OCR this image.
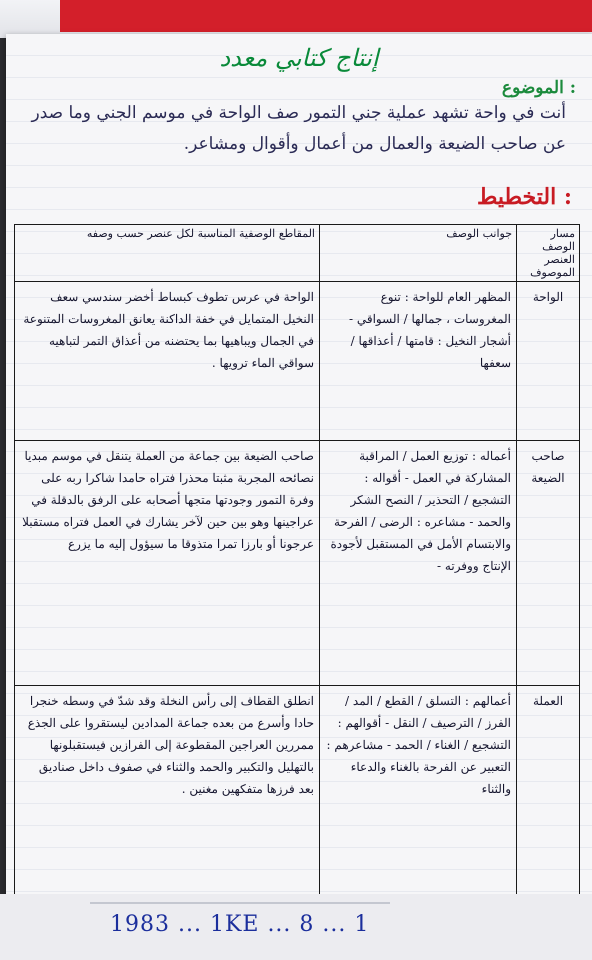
إنتاج كتابي معدد
الموضوع :
أنت في واحة تشهد عملية جني التمور صف الواحة في موسم الجني وما صدر عن صاحب الضيعة والعمال من أعمال وأقوال ومشاعر.
التخطيط :
مسار الوصف العنصر الموصوف	جوانب الوصف	المقاطع الوصفية المناسبة لكل عنصر حسب وصفه
الواحة	المظهر العام للواحة : تنوع المغروسات ، جمالها / السواقي - أشجار النخيل : قامتها / أعذاقها / سعفها	الواحة في عرس تطوف كبساط أخضر سندسي سعف النخيل المتمايل في خفة الداكنة يعانق المغروسات المتنوعة في الجمال ويباهيها بما يحتضنه من أعذاق التمر لتباهيه سواقي الماء ترويها .
صاحب الضيعة	أعماله : توزيع العمل / المراقبة المشاركة في العمل - أقواله : التشجيع / التحذير / النصح الشكر والحمد - مشاعره : الرضى / الفرحة والابتسام الأمل في المستقبل لأجودة الإنتاج ووفرته -	صاحب الضيعة بين جماعة من العملة يتنقل في موسم مبديا نصائحه المجربة مثبتا محذرا فتراه حامدا شاكرا ربه على وفرة التمور وجودتها متجها أصحابه على الرفق بالدقلة في عراجينها وهو بين حين لآخر يشارك في العمل فتراه مستقبلا عرجونا أو بارزا تمرا متذوقا ما سيؤول إليه ما يزرع
العملة	أعمالهم : التسلق / القطع / المد / الفرز / الترصيف / النقل - أقوالهم : التشجيع / الغناء / الحمد - مشاعرهم : التعبير عن الفرحة بالغناء والدعاء والثناء	انطلق القطاف إلى رأس النخلة وقد شدّ في وسطه خنجرا حادا وأسرع من بعده جماعة المدادين ليستقروا على الجذع ممررين العراجين المقطوعة إلى الفرازين فيستقبلونها بالتهليل والتكبير والحمد والثناء في صفوف داخل صناديق بعد فرزها متفكهين مغنين .
1983 ... 1KE ... 8 ... 1
